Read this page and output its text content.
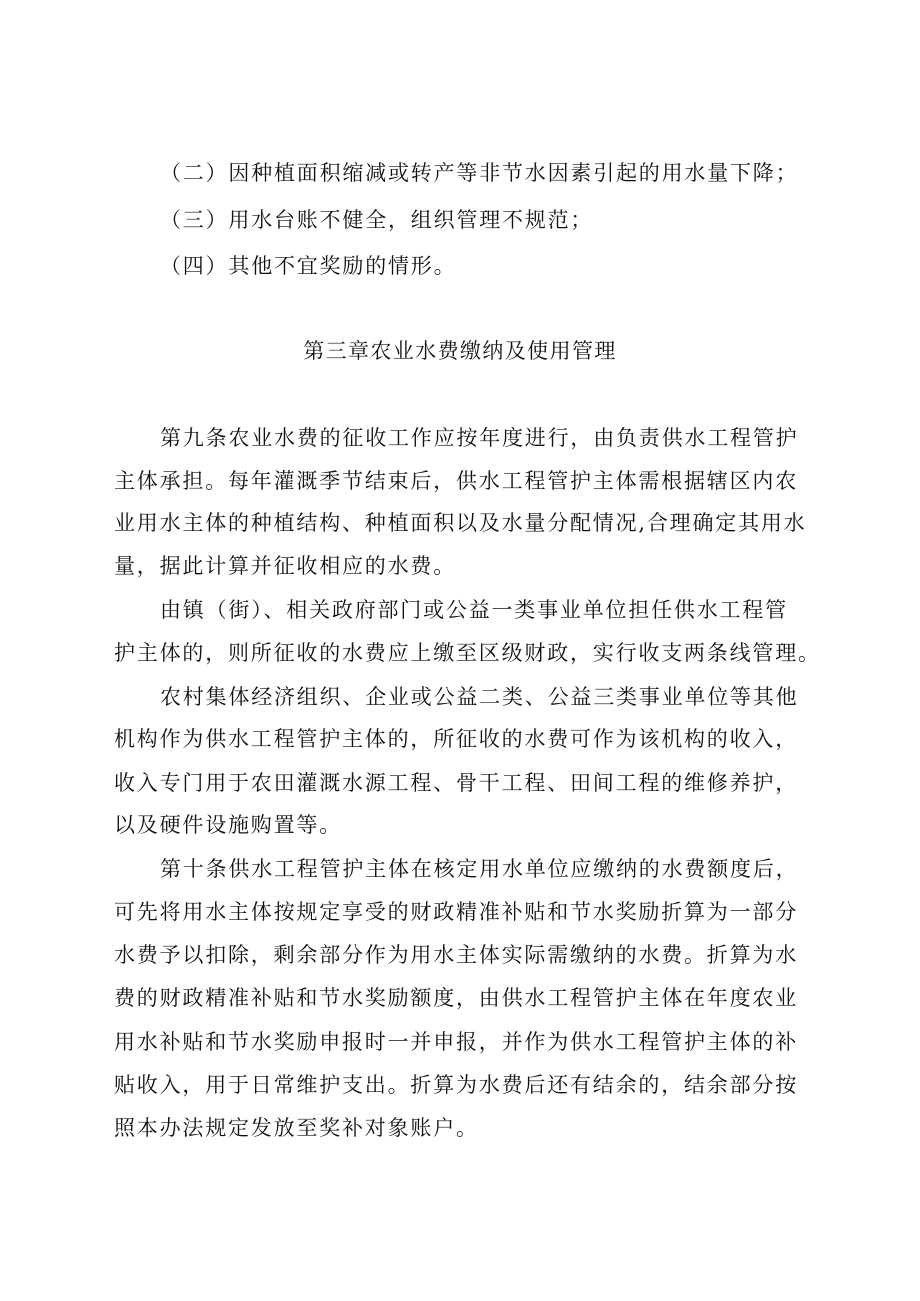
（二）因种植面积缩减或转产等非节水因素引起的用水量下降；
（三）用水台账不健全，组织管理不规范；
（四）其他不宜奖励的情形。
第三章农业水费缴纳及使用管理
第九条农业水费的征收工作应按年度进行，由负责供水工程管护
主体承担。每年灌溉季节结束后，供水工程管护主体需根据辖区内农
业用水主体的种植结构、种植面积以及水量分配情况,合理确定其用水
量，据此计算并征收相应的水费。
由镇（街）、相关政府部门或公益一类事业单位担任供水工程管
护主体的，则所征收的水费应上缴至区级财政，实行收支两条线管理。
农村集体经济组织、企业或公益二类、公益三类事业单位等其他
机构作为供水工程管护主体的，所征收的水费可作为该机构的收入，
收入专门用于农田灌溉水源工程、骨干工程、田间工程的维修养护，
以及硬件设施购置等。
第十条供水工程管护主体在核定用水单位应缴纳的水费额度后，
可先将用水主体按规定享受的财政精准补贴和节水奖励折算为一部分
水费予以扣除，剩余部分作为用水主体实际需缴纳的水费。折算为水
费的财政精准补贴和节水奖励额度，由供水工程管护主体在年度农业
用水补贴和节水奖励申报时一并申报，并作为供水工程管护主体的补
贴收入，用于日常维护支出。折算为水费后还有结余的，结余部分按
照本办法规定发放至奖补对象账户。
